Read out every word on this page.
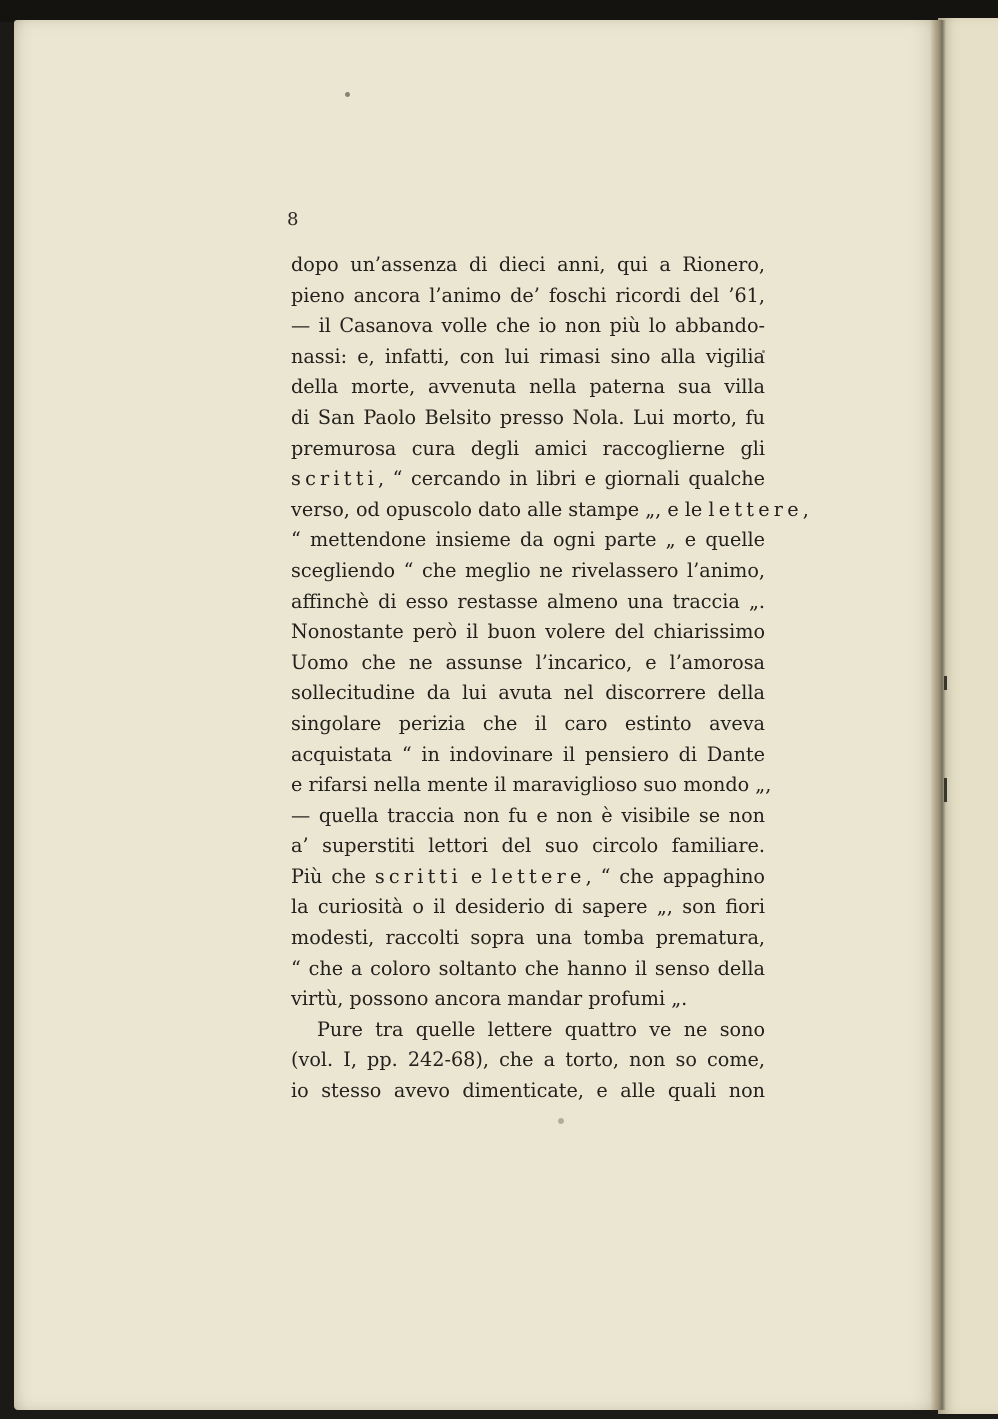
8
dopo un’assenza di dieci anni, qui a Rionero,
pieno ancora l’animo de’ foschi ricordi del ’61,
— il Casanova volle che io non più lo abbando-
nassi: e, infatti, con lui rimasi sino alla vigilia
della morte, avvenuta nella paterna sua villa
di San Paolo Belsito presso Nola. Lui morto, fu
premurosa cura degli amici raccoglierne gli
scritti, “ cercando in libri e giornali qualche
verso, od opuscolo dato alle stampe „, e le lettere,
“ mettendone insieme da ogni parte „ e quelle
scegliendo “ che meglio ne rivelassero l’animo,
affinchè di esso restasse almeno una traccia „.
Nonostante però il buon volere del chiarissimo
Uomo che ne assunse l’incarico, e l’amorosa
sollecitudine da lui avuta nel discorrere della
singolare perizia che il caro estinto aveva
acquistata “ in indovinare il pensiero di Dante
e rifarsi nella mente il maraviglioso suo mondo „,
— quella traccia non fu e non è visibile se non
a’ superstiti lettori del suo circolo familiare.
Più che scritti e lettere, “ che appaghino
la curiosità o il desiderio di sapere „, son fiori
modesti, raccolti sopra una tomba prematura,
“ che a coloro soltanto che hanno il senso della
virtù, possono ancora mandar profumi „.
Pure tra quelle lettere quattro ve ne sono
(vol. I, pp. 242-68), che a torto, non so come,
io stesso avevo dimenticate, e alle quali non
